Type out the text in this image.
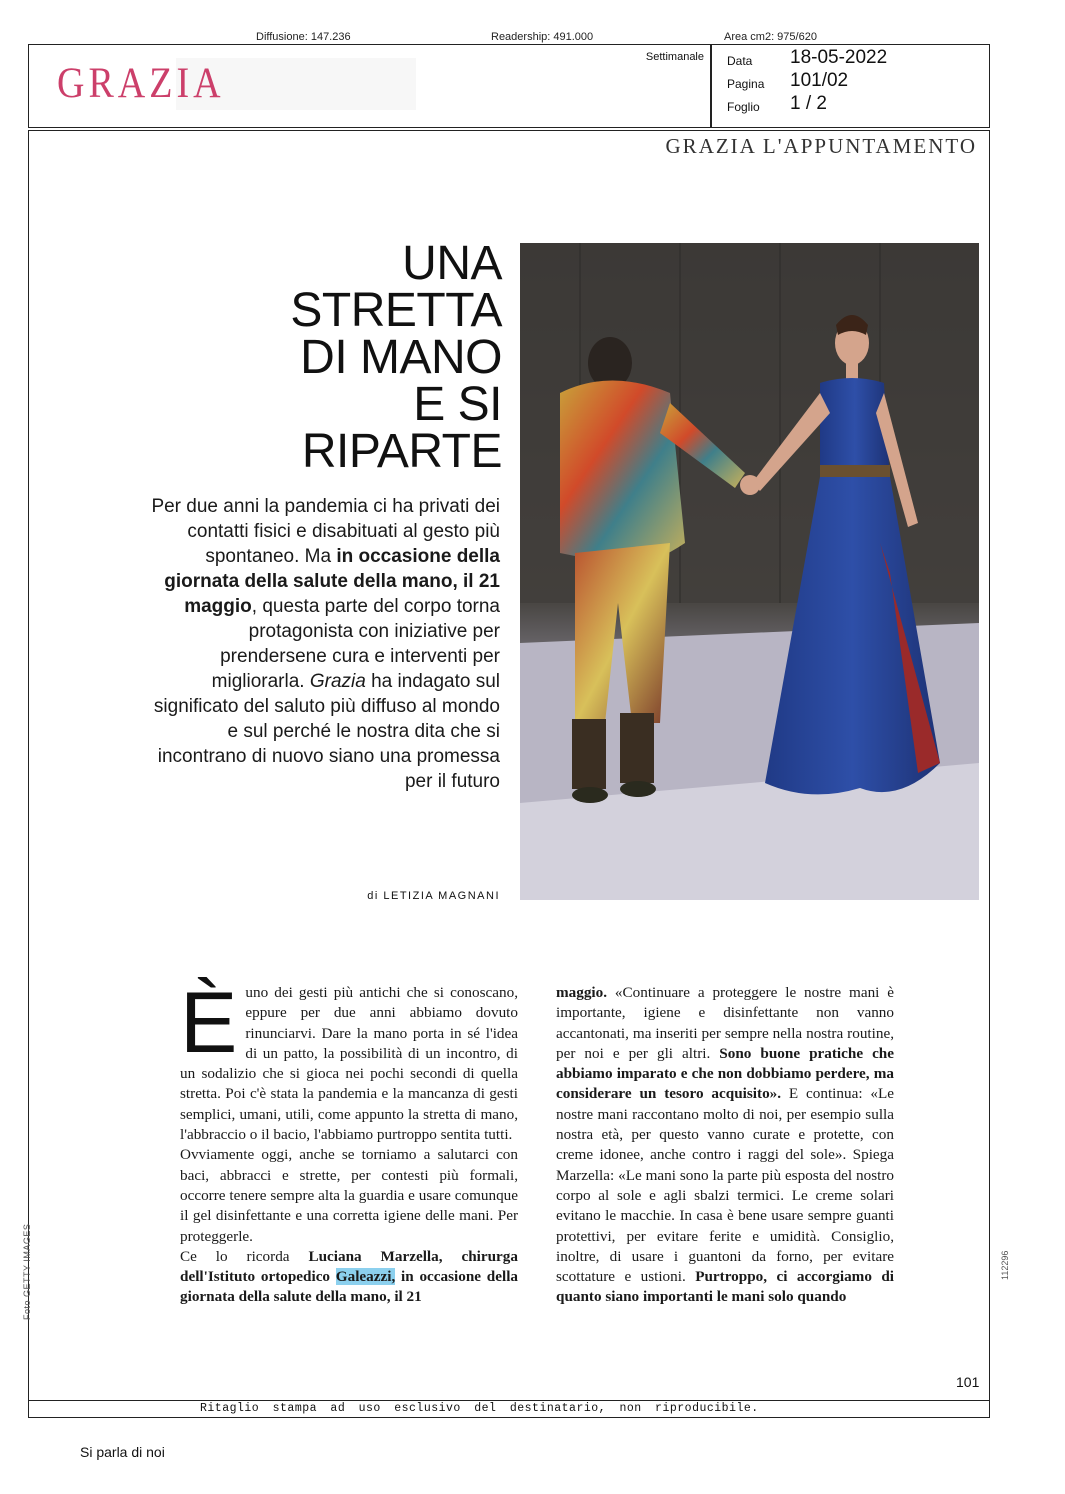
Diffusione: 147.236	Readership: 491.000	Area cm2: 975/620
GRAZIA
Settimanale Data 18-05-2022
Pagina 101/02
Foglio 1 / 2
GRAZIA L'APPUNTAMENTO
UNA
STRETTA
DI MANO
E SI
RIPARTE
Per due anni la pandemia ci ha privati dei contatti fisici e disabituati al gesto più spontaneo. Ma in occasione della giornata della salute della mano, il 21 maggio, questa parte del corpo torna protagonista con iniziative per prendersene cura e interventi per migliorarla. Grazia ha indagato sul significato del saluto più diffuso al mondo e sul perché le nostra dita che si incontrano di nuovo siano una promessa per il futuro
di LETIZIA MAGNANI
È uno dei gesti più antichi che si conoscano, eppure per due anni abbiamo dovuto rinunciarvi. Dare la mano porta in sé l'idea di un patto, la possibilità di un incontro, di un sodalizio che si gioca nei pochi secondi di quella stretta. Poi c'è stata la pandemia e la mancanza di gesti semplici, umani, utili, come appunto la stretta di mano, l'abbraccio o il bacio, l'abbiamo purtroppo sentita tutti.

Ovviamente oggi, anche se torniamo a salutarci con baci, abbracci e strette, per contesti più formali, occorre tenere sempre alta la guardia e usare comunque il gel disinfettante e una corretta igiene delle mani. Per proteggerle.

Ce lo ricorda Luciana Marzella, chirurga dell'Istituto ortopedico Galeazzi, in occasione della giornata della salute della mano, il 21

maggio. «Continuare a proteggere le nostre mani è importante, igiene e disinfettante non vanno accantonati, ma inseriti per sempre nella nostra routine, per noi e per gli altri. Sono buone pratiche che abbiamo imparato e che non dobbiamo perdere, ma considerare un tesoro acquisito». E continua: «Le nostre mani raccontano molto di noi, per esempio sulla nostra età, per questo vanno curate e protette, con creme idonee, anche contro i raggi del sole». Spiega Marzella: «Le mani sono la parte più esposta del nostro corpo al sole e agli sbalzi termici. Le creme solari evitano le macchie. In casa è bene usare sempre guanti protettivi, per evitare ferite e umidità. Consiglio, inoltre, di usare i guantoni da forno, per evitare scottature e ustioni. Purtroppo, ci accorgiamo di quanto siano importanti le mani solo quando

Foto GETTY IMAGES	112296
101
Ritaglio stampa ad uso esclusivo del destinatario, non riproducibile.
Si parla di noi
